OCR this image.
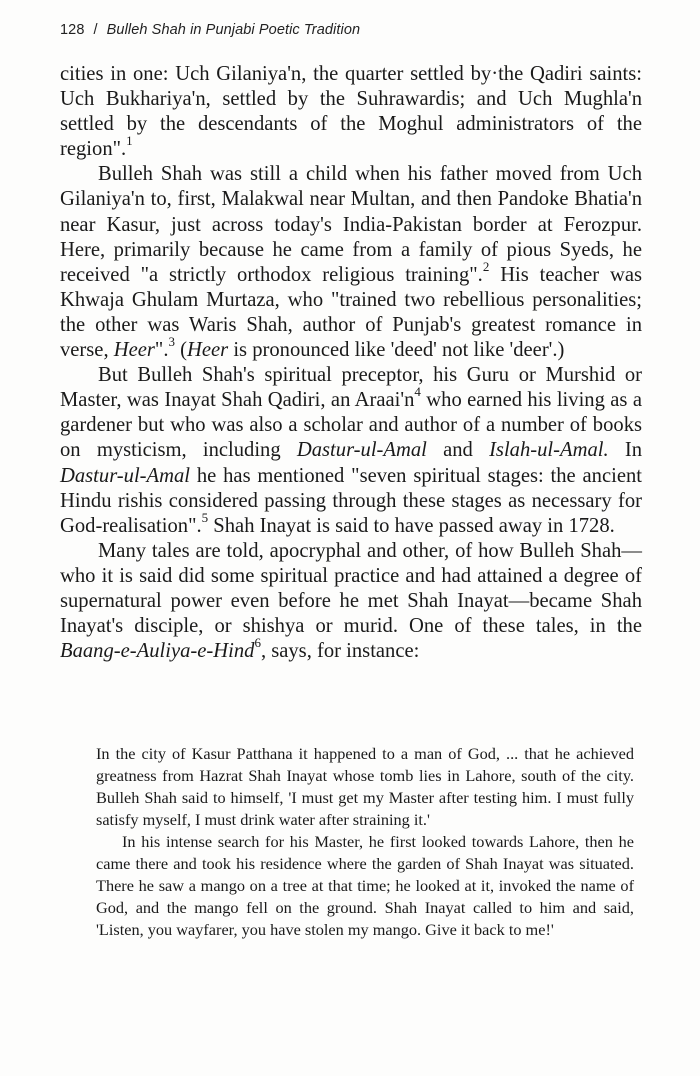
128 / Bulleh Shah in Punjabi Poetic Tradition

cities in one: Uch Gilaniya'n, the quarter settled by·the Qadiri saints: Uch Bukhariya'n, settled by the Suhrawardis; and Uch Mughla'n settled by the descendants of the Moghul administrators of the region".$^1$

Bulleh Shah was still a child when his father moved from Uch Gilaniya'n to, first, Malakwal near Multan, and then Pandoke Bhatia'n near Kasur, just across today's India-Pakistan border at Ferozpur. Here, primarily because he came from a family of pious Syeds, he received "a strictly orthodox religious training".$^2$ His teacher was Khwaja Ghulam Murtaza, who "trained two rebellious personalities; the other was Waris Shah, author of Punjab's greatest romance in verse, Heer".$^3$ (Heer is pronounced like 'deed' not like 'deer'.)

But Bulleh Shah's spiritual preceptor, his Guru or Murshid or Master, was Inayat Shah Qadiri, an $Araai'n^4$ who earned his living as a gardener but who was also a scholar and author of a number of books on mysticism, including Dastur-ul-Amal and Islah-ul-Amal. In Dastur-ul-Amal he has mentioned "seven spiritual stages: the ancient Hindu rishis considered passing through these stages as necessary for God-realisation".$^5$ Shah Inayat is said to have passed away in 1728.

Many tales are told, apocryphal and other, of how Bulleh Shah—who it is said did some spiritual practice and had attained a degree of supernatural power even before he met Shah Inayat—became Shah Inayat's disciple, or shishya or murid. One of these tales, in the Baang-e-Auliya-e-Hind$^6$, says, for instance:

In the city of Kasur Patthana it happened to a man of God, ... that he achieved greatness from Hazrat Shah Inayat whose tomb lies in Lahore, south of the city. Bulleh Shah said to himself, 'I must get my Master after testing him. I must fully satisfy myself, I must drink water after straining it.'

In his intense search for his Master, he first looked towards Lahore, then he came there and took his residence where the garden of Shah Inayat was situated. There he saw a mango on a tree at that time; he looked at it, invoked the name of God, and the mango fell on the ground. Shah Inayat called to him and said, 'Listen, you wayfarer, you have stolen my mango. Give it back to me!'
